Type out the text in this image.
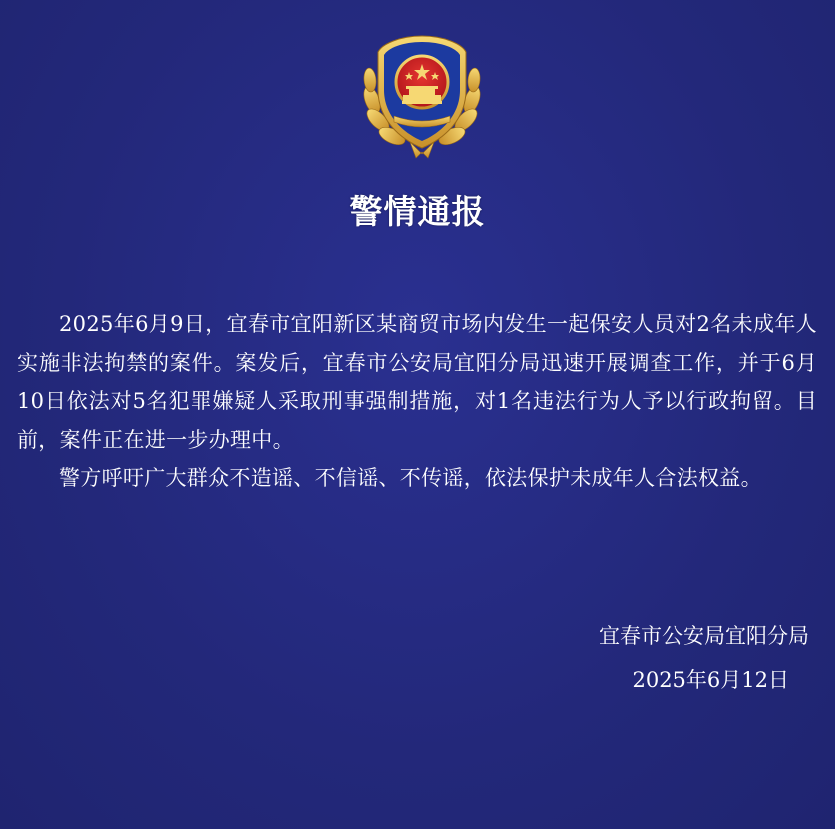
警情通报

2025年6月9日，宜春市宜阳新区某商贸市场内发生一起保安人员对2名未成年人实施非法拘禁的案件。案发后，宜春市公安局宜阳分局迅速开展调查工作，并于6月10日依法对5名犯罪嫌疑人采取刑事强制措施，对1名违法行为人予以行政拘留。目前，案件正在进一步办理中。

警方呼吁广大群众不造谣、不信谣、不传谣，依法保护未成年人合法权益。

宜春市公安局宜阳分局
2025年6月12日
